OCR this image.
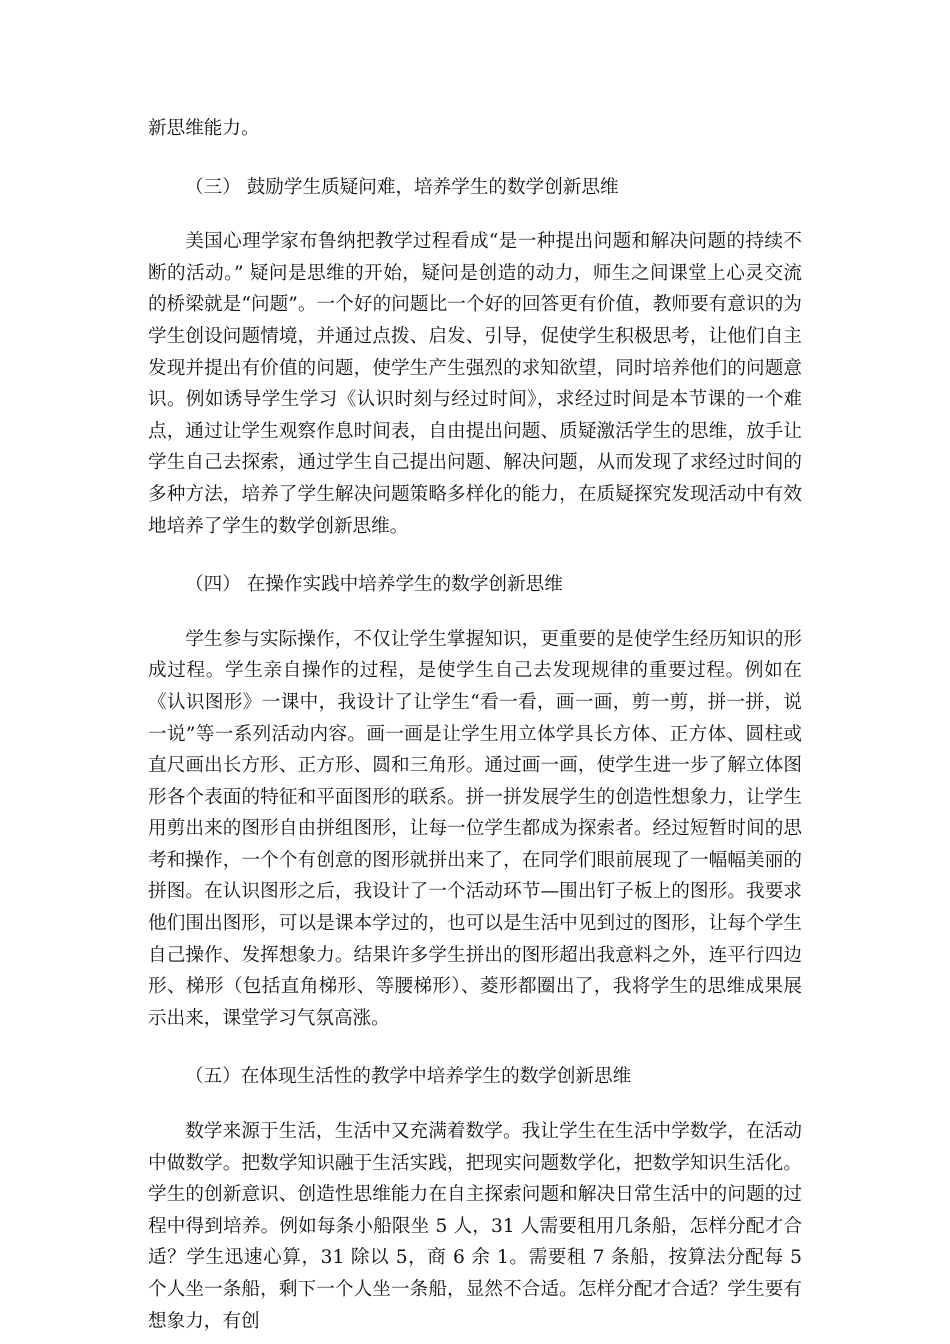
新思维能力。

（三） 鼓励学生质疑问难，培养学生的数学创新思维

美国心理学家布鲁纳把教学过程看成“是一种提出问题和解决问题的持续不断的活动。” 疑问是思维的开始，疑问是创造的动力，师生之间课堂上心灵交流的桥梁就是“问题”。一个好的问题比一个好的回答更有价值，教师要有意识的为学生创设问题情境，并通过点拨、启发、引导，促使学生积极思考，让他们自主发现并提出有价值的问题，使学生产生强烈的求知欲望，同时培养他们的问题意识。例如诱导学生学习《认识时刻与经过时间》，求经过时间是本节课的一个难点，通过让学生观察作息时间表，自由提出问题、质疑激活学生的思维，放手让学生自己去探索，通过学生自己提出问题、解决问题，从而发现了求经过时间的多种方法，培养了学生解决问题策略多样化的能力，在质疑探究发现活动中有效地培养了学生的数学创新思维。

（四） 在操作实践中培养学生的数学创新思维

学生参与实际操作，不仅让学生掌握知识，更重要的是使学生经历知识的形成过程。学生亲自操作的过程，是使学生自己去发现规律的重要过程。例如在《认识图形》一课中，我设计了让学生“看一看，画一画，剪一剪，拼一拼，说一说”等一系列活动内容。画一画是让学生用立体学具长方体、正方体、圆柱或直尺画出长方形、正方形、圆和三角形。通过画一画，使学生进一步了解立体图形各个表面的特征和平面图形的联系。拼一拼发展学生的创造性想象力，让学生用剪出来的图形自由拼组图形，让每一位学生都成为探索者。经过短暂时间的思考和操作，一个个有创意的图形就拼出来了，在同学们眼前展现了一幅幅美丽的拼图。在认识图形之后，我设计了一个活动环节—围出钉子板上的图形。我要求他们围出图形，可以是课本学过的，也可以是生活中见到过的图形，让每个学生自己操作、发挥想象力。结果许多学生拼出的图形超出我意料之外，连平行四边形、梯形（包括直角梯形、等腰梯形）、菱形都圈出了，我将学生的思维成果展示出来，课堂学习气氛高涨。

（五）在体现生活性的教学中培养学生的数学创新思维

数学来源于生活，生活中又充满着数学。我让学生在生活中学数学，在活动中做数学。把数学知识融于生活实践，把现实问题数学化，把数学知识生活化。学生的创新意识、创造性思维能力在自主探索问题和解决日常生活中的问题的过程中得到培养。例如每条小船限坐 5 人，31 人需要租用几条船，怎样分配才合适？学生迅速心算，31 除以 5，商 6 余 1。需要租 7 条船，按算法分配每 5 个人坐一条船，剩下一个人坐一条船，显然不合适。怎样分配才合适？学生要有想象力，有创
